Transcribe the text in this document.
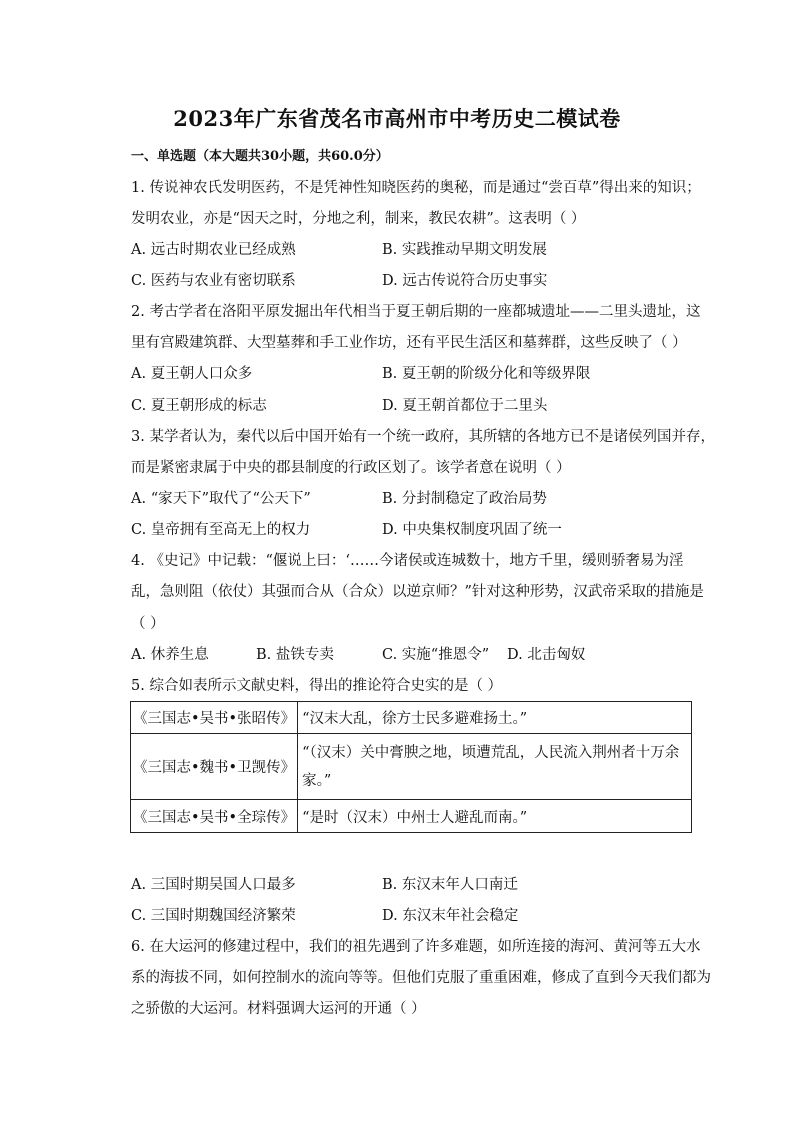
2023年广东省茂名市高州市中考历史二模试卷
一、单选题（本大题共30小题，共60.0分）
1. 传说神农氏发明医药，不是凭神性知晓医药的奥秘，而是通过“尝百草”得出来的知识；
发明农业，亦是“因天之时，分地之利，制来，教民农耕”。这表明（ ）
A. 远古时期农业已经成熟	B. 实践推动早期文明发展
C. 医药与农业有密切联系	D. 远古传说符合历史事实
2. 考古学者在洛阳平原发掘出年代相当于夏王朝后期的一座都城遗址——二里头遗址，这
里有宫殿建筑群、大型墓葬和手工业作坊，还有平民生活区和墓葬群，这些反映了（ ）
A. 夏王朝人口众多	B. 夏王朝的阶级分化和等级界限
C. 夏王朝形成的标志	D. 夏王朝首都位于二里头
3. 某学者认为，秦代以后中国开始有一个统一政府，其所辖的各地方已不是诸侯列国并存，
而是紧密隶属于中央的郡县制度的行政区划了。该学者意在说明（ ）
A. “家天下”取代了“公天下”	B. 分封制稳定了政治局势
C. 皇帝拥有至高无上的权力	D. 中央集权制度巩固了统一
4. 《史记》中记载：“偃说上曰：‘……今诸侯或连城数十，地方千里，缓则骄奢易为淫
乱，急则阻（依仗）其强而合从（合众）以逆京师？”针对这种形势，汉武帝采取的措施是
（ ）
A. 休养生息	B. 盐铁专卖	C. 实施“推恩令” D. 北击匈奴
5. 综合如表所示文献史料，得出的推论符合史实的是（ ）
《三国志•吴书•张昭传》	“汉末大乱，徐方士民多避难扬土。”
《三国志•魏书•卫觊传》	“（汉末）关中膏腴之地，顷遭荒乱，人民流入荆州者十万余
家。”

《三国志•吴书•全琮传》	“是时（汉末）中州士人避乱而南。”
A. 三国时期吴国人口最多	B. 东汉末年人口南迁
C. 三国时期魏国经济繁荣	D. 东汉末年社会稳定
6. 在大运河的修建过程中，我们的祖先遇到了许多难题，如所连接的海河、黄河等五大水
系的海拔不同，如何控制水的流向等等。但他们克服了重重困难，修成了直到今天我们都为
之骄傲的大运河。材料强调大运河的开通（ ）
